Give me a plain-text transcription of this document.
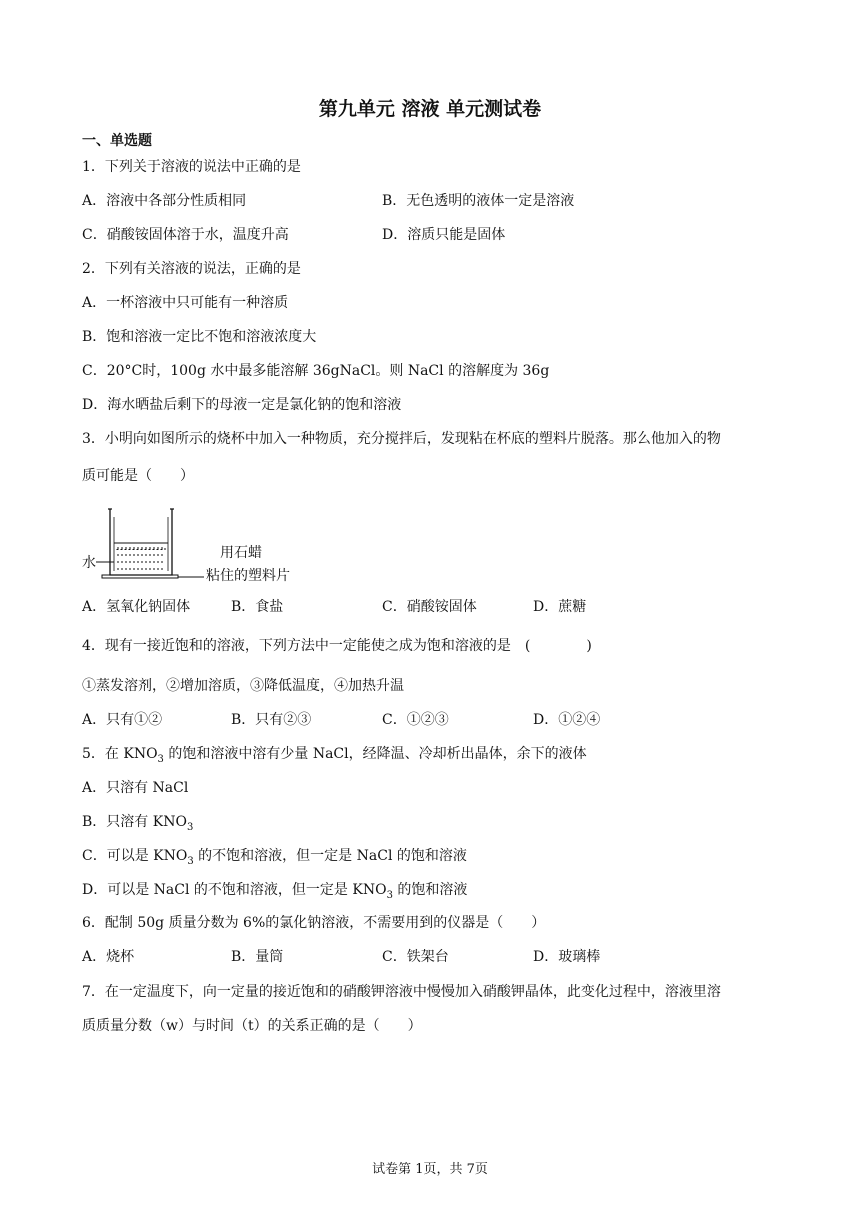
第九单元 溶液 单元测试卷
一、单选题
1．下列关于溶液的说法中正确的是
A．溶液中各部分性质相同	B．无色透明的液体一定是溶液
C．硝酸铵固体溶于水，温度升高	D．溶质只能是固体
2．下列有关溶液的说法，正确的是
A．一杯溶液中只可能有一种溶质
B．饱和溶液一定比不饱和溶液浓度大
C．20°C时，100g 水中最多能溶解 36gNaCl。则 NaCl 的溶解度为 36g
D．海水晒盐后剩下的母液一定是氯化钠的饱和溶液
3．小明向如图所示的烧杯中加入一种物质，充分搅拌后，发现粘在杯底的塑料片脱落。那么他加入的物
质可能是（　　）
水
用石蜡
粘住的塑料片
A．氢氧化钠固体	B．食盐	C．硝酸铵固体	D．蔗糖
4．现有一接近饱和的溶液，下列方法中一定能使之成为饱和溶液的是　(　　　　)
①蒸发溶剂，②增加溶质，③降低温度，④加热升温
A．只有①②	B．只有②③	C．①②③	D．①②④
5．在 $KNO_3$ 的饱和溶液中溶有少量 NaCl，经降温、冷却析出晶体，余下的液体
A．只溶有 NaCl
B．只溶有 $KNO_3$
C．可以是 $KNO_3$ 的不饱和溶液，但一定是 NaCl 的饱和溶液
D．可以是 NaCl 的不饱和溶液，但一定是 $KNO_3$ 的饱和溶液
6．配制 50g 质量分数为 6%的氯化钠溶液，不需要用到的仪器是（　　）
A．烧杯	B．量筒	C．铁架台	D．玻璃棒
7．在一定温度下，向一定量的接近饱和的硝酸钾溶液中慢慢加入硝酸钾晶体，此变化过程中，溶液里溶
质质量分数（w）与时间（t）的关系正确的是（　　）
试卷第 1页，共 7页
